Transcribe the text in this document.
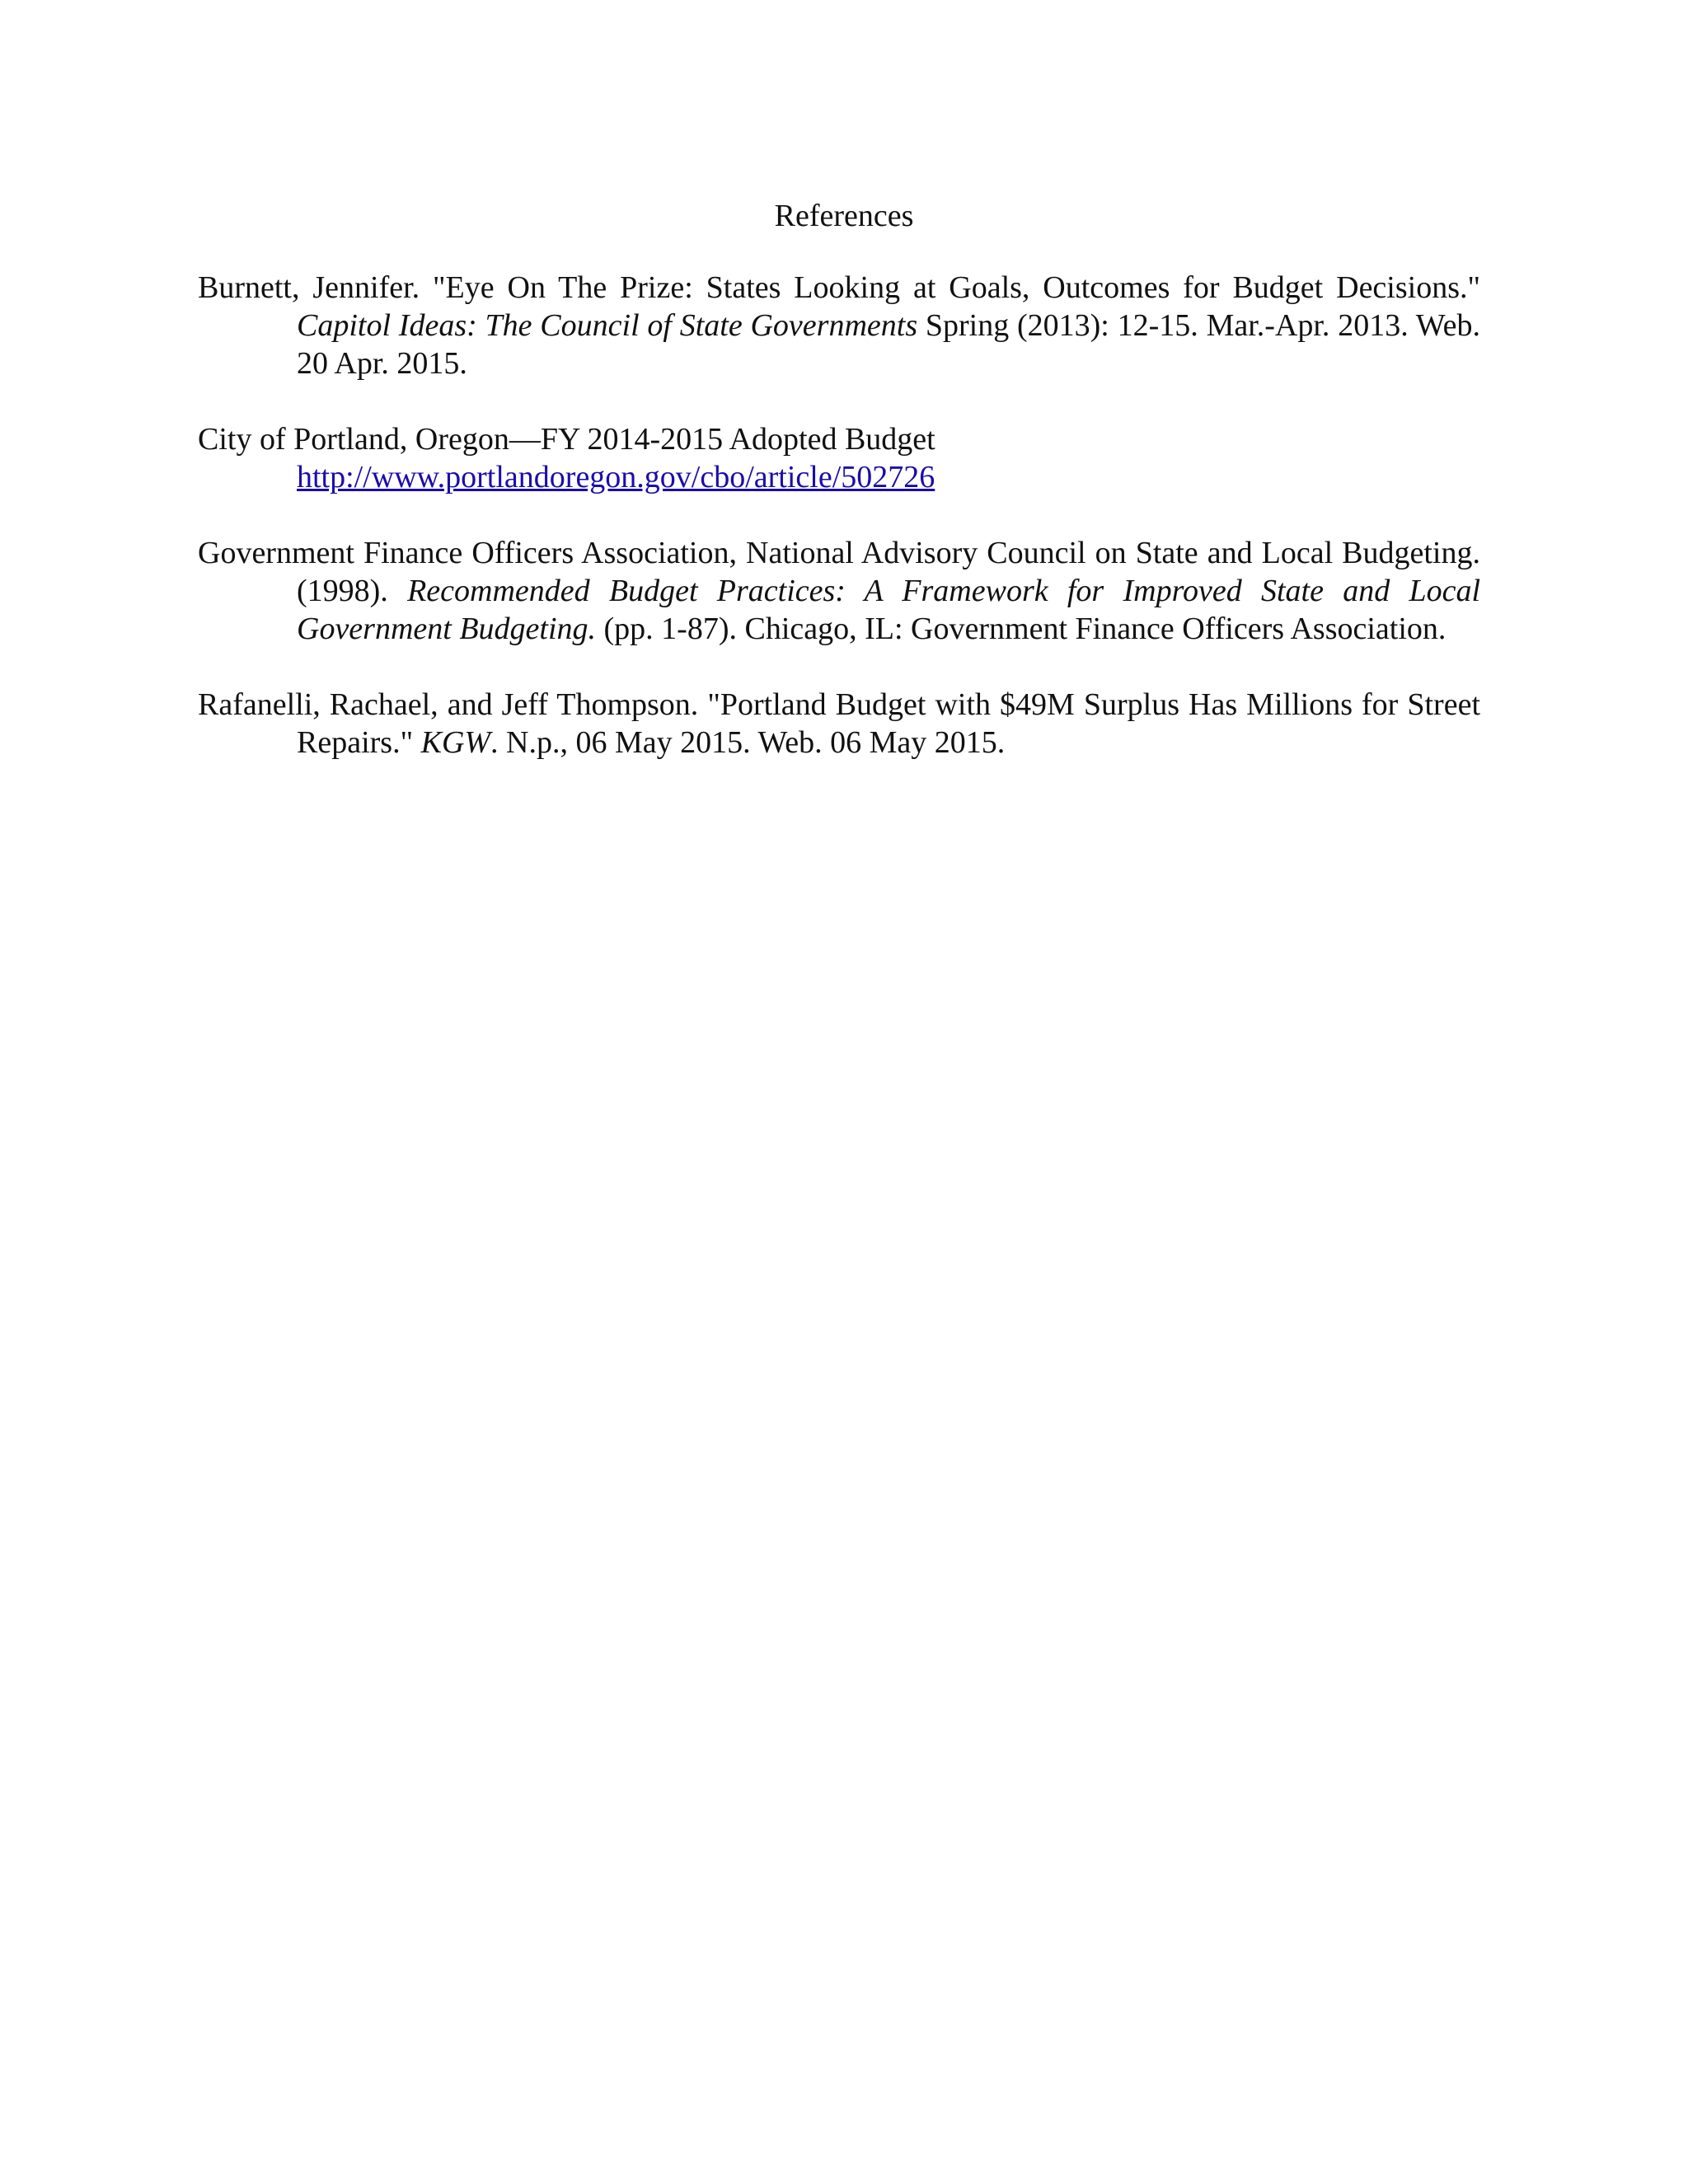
References

Burnett, Jennifer. "Eye On The Prize: States Looking at Goals, Outcomes for Budget Decisions." Capitol Ideas: The Council of State Governments Spring (2013): 12-15. Mar.-Apr. 2013. Web. 20 Apr. 2015.

City of Portland, Oregon—FY 2014-2015 Adopted Budget
http://www.portlandoregon.gov/cbo/article/502726

Government Finance Officers Association, National Advisory Council on State and Local Budgeting. (1998). Recommended Budget Practices: A Framework for Improved State and Local Government Budgeting. (pp. 1-87). Chicago, IL: Government Finance Officers Association.

Rafanelli, Rachael, and Jeff Thompson. "Portland Budget with $49M Surplus Has Millions for Street Repairs." KGW. N.p., 06 May 2015. Web. 06 May 2015.
